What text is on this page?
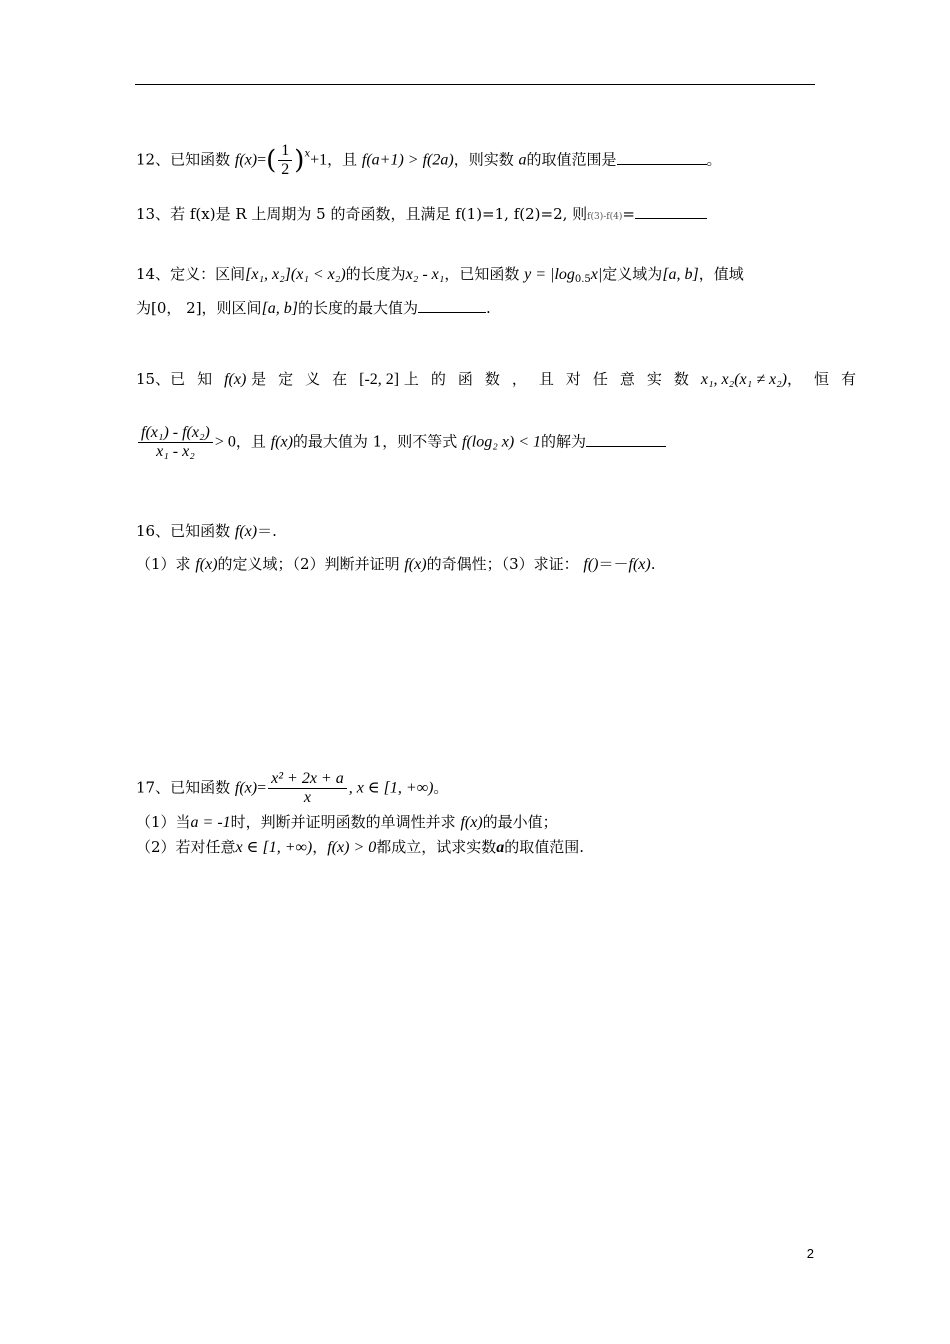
12、已知函数 $f(x)=( \frac{1}{2} )^x+1$，且 f(a+1) > f(2a)，则实数 a的取值范围是	。
13、若 f(x)是 R 上周期为 5 的奇函数，且满足 f(1)=1, f(2)=2, 则f(3)-f(4)=
14、定义：区间[x₁, x₂](x₁ < x₂)的长度为x₂ - x₁，已知函数 $y = |\log_{0.5}x|$定义域为[a, b]，值域
为[0， 2]，则区间[a, b]的长度的最大值为	.
15、已知f(x) 是定义在[-2, 2] 上的函数，且对任意实数x₁, x₂(x₁ ≠ x₂)，恒有
$\frac{\text{f(x₁) - f(x₂)}}{\text{x₁ - x₂}} > 0$，且 f(x)的最大值为 1，则不等式 f(log₂ x) < 1的解为
16、已知函数 f(x)＝.
（1）求 f(x)的定义域；（2）判断并证明 f(x)的奇偶性；（3）求证： f()＝－f(x).
17、已知函数 $f(x)= \frac{\text{x² + 2x + a}}{x}$ , x ∈ [1, +∞)。
（1）当a = -1时，判断并证明函数的单调性并求 f(x)的最小值；
（2）若对任意x ∈ [1, +∞)，f(x) > 0都成立，试求实数a的取值范围.
2
